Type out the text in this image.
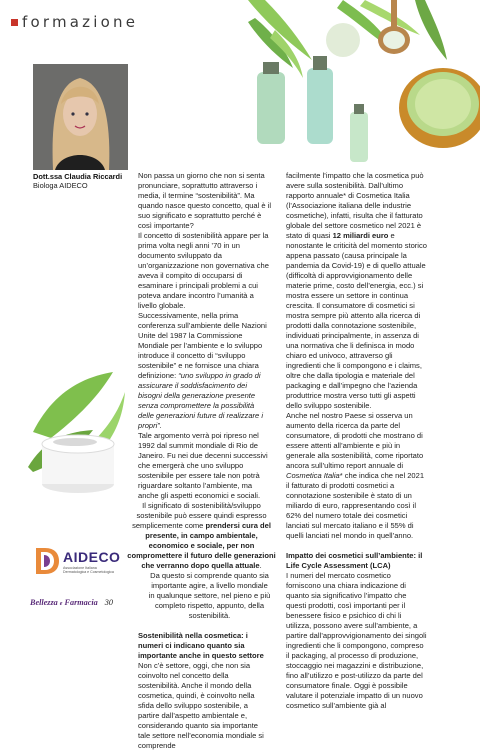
formazione
Dott.ssa Claudia Riccardi
Biologa AIDECO

Non passa un giorno che non si senta pronunciare, soprattutto attraverso i media, il termine “sostenibilità”. Ma quando nasce questo concetto, qual è il suo significato e soprattutto perché è così importante?

Il concetto di sostenibilità appare per la prima volta negli anni ’70 in un documento sviluppato da un’organizzazione non governativa che aveva il compito di occuparsi di esaminare i principali problemi a cui poteva andare incontro l’umanità a livello globale.

Successivamente, nella prima conferenza sull’ambiente delle Nazioni Unite del 1987 la Commissione Mondiale per l’ambiente e lo sviluppo introduce il concetto di “sviluppo sostenibile” e ne fornisce una chiara definizione: “uno sviluppo in grado di assicurare il soddisfacimento dei bisogni della generazione presente senza compromettere la possibilità delle generazioni future di realizzare i propri”.

Tale argomento verrà poi ripreso nel 1992 dal summit mondiale di Rio de Janeiro. Fu nei due decenni successivi che emergerà che uno sviluppo sostenibile per essere tale non potrà riguardare soltanto l’ambiente, ma anche gli aspetti economici e sociali.

Il significato di sostenibilità/sviluppo sostenibile può essere quindi espresso semplicemente come prendersi cura del presente, in campo ambientale, economico e sociale, per non compromettere il futuro delle generazioni che verranno dopo quella attuale.

Da questo si comprende quanto sia importante agire, a livello mondiale in qualunque settore, nel pieno e più completo rispetto, appunto, della sostenibilità.

Sostenibilità nella cosmetica: i numeri ci indicano quanto sia importante anche in questo settore

Non c’è settore, oggi, che non sia coinvolto nel concetto della sostenibilità. Anche il mondo della cosmetica, quindi, è coinvolto nella sfida dello sviluppo sostenibile, a partire dall’aspetto ambientale e, considerando quanto sia importante tale settore nell’economia mondiale si comprende

facilmente l’impatto che la cosmetica può avere sulla sostenibilità. Dall’ultimo rapporto annuale* di Cosmetica Italia (l’Associazione italiana delle industrie cosmetiche), infatti, risulta che il fatturato globale del settore cosmetico nel 2021 è stato di quasi 12 miliardi euro e nonostante le criticità del momento storico appena passato (causa principale la pandemia da Covid-19) e di quello attuale (difficoltà di approvvigionamento delle materie prime, costo dell’energia, ecc.) si mostra essere un settore in continua crescita. Il consumatore di cosmetici si mostra sempre più attento alla ricerca di prodotti dalla connotazione sostenibile, individuati principalmente, in assenza di una normativa che li definisca in modo chiaro ed univoco, attraverso gli ingredienti che li compongono e i claims, oltre che dalla tipologia e materiale del packaging e dall’impegno che l’azienda produttrice mostra verso tutti gli aspetti dello sviluppo sostenibile.

Anche nel nostro Paese si osserva un aumento della ricerca da parte del consumatore, di prodotti che mostrano di essere attenti all’ambiente e più in generale alla sostenibilità, come riportato ancora sull’ultimo report annuale di Cosmetica Italia* che indica che nel 2021 il fatturato di prodotti cosmetici a connotazione sostenibile è stato di un miliardo di euro, rappresentando così il 62% del numero totale dei cosmetici lanciati sul mercato italiano e il 55% di quelli lanciati nel mondo in quell’anno.

Impatto dei cosmetici sull’ambiente: il Life Cycle Assessment (LCA)

I numeri del mercato cosmetico forniscono una chiara indicazione di quanto sia significativo l’impatto che questi prodotti, così importanti per il benessere fisico e psichico di chi li utilizza, possono avere sull’ambiente, a partire dall’approvvigionamento dei singoli ingredienti che li compongono, compreso il packaging, al processo di produzione, stoccaggio nei magazzini e distribuzione, fino all’utilizzo e post-utilizzo da parte del consumatore finale. Oggi è possibile valutare il potenziale impatto di un nuovo cosmetico sull’ambiente già al

AIDECO
Associazione Italiana Dermatologica e Cosmetologica
Bellezza e Farmacia 30
